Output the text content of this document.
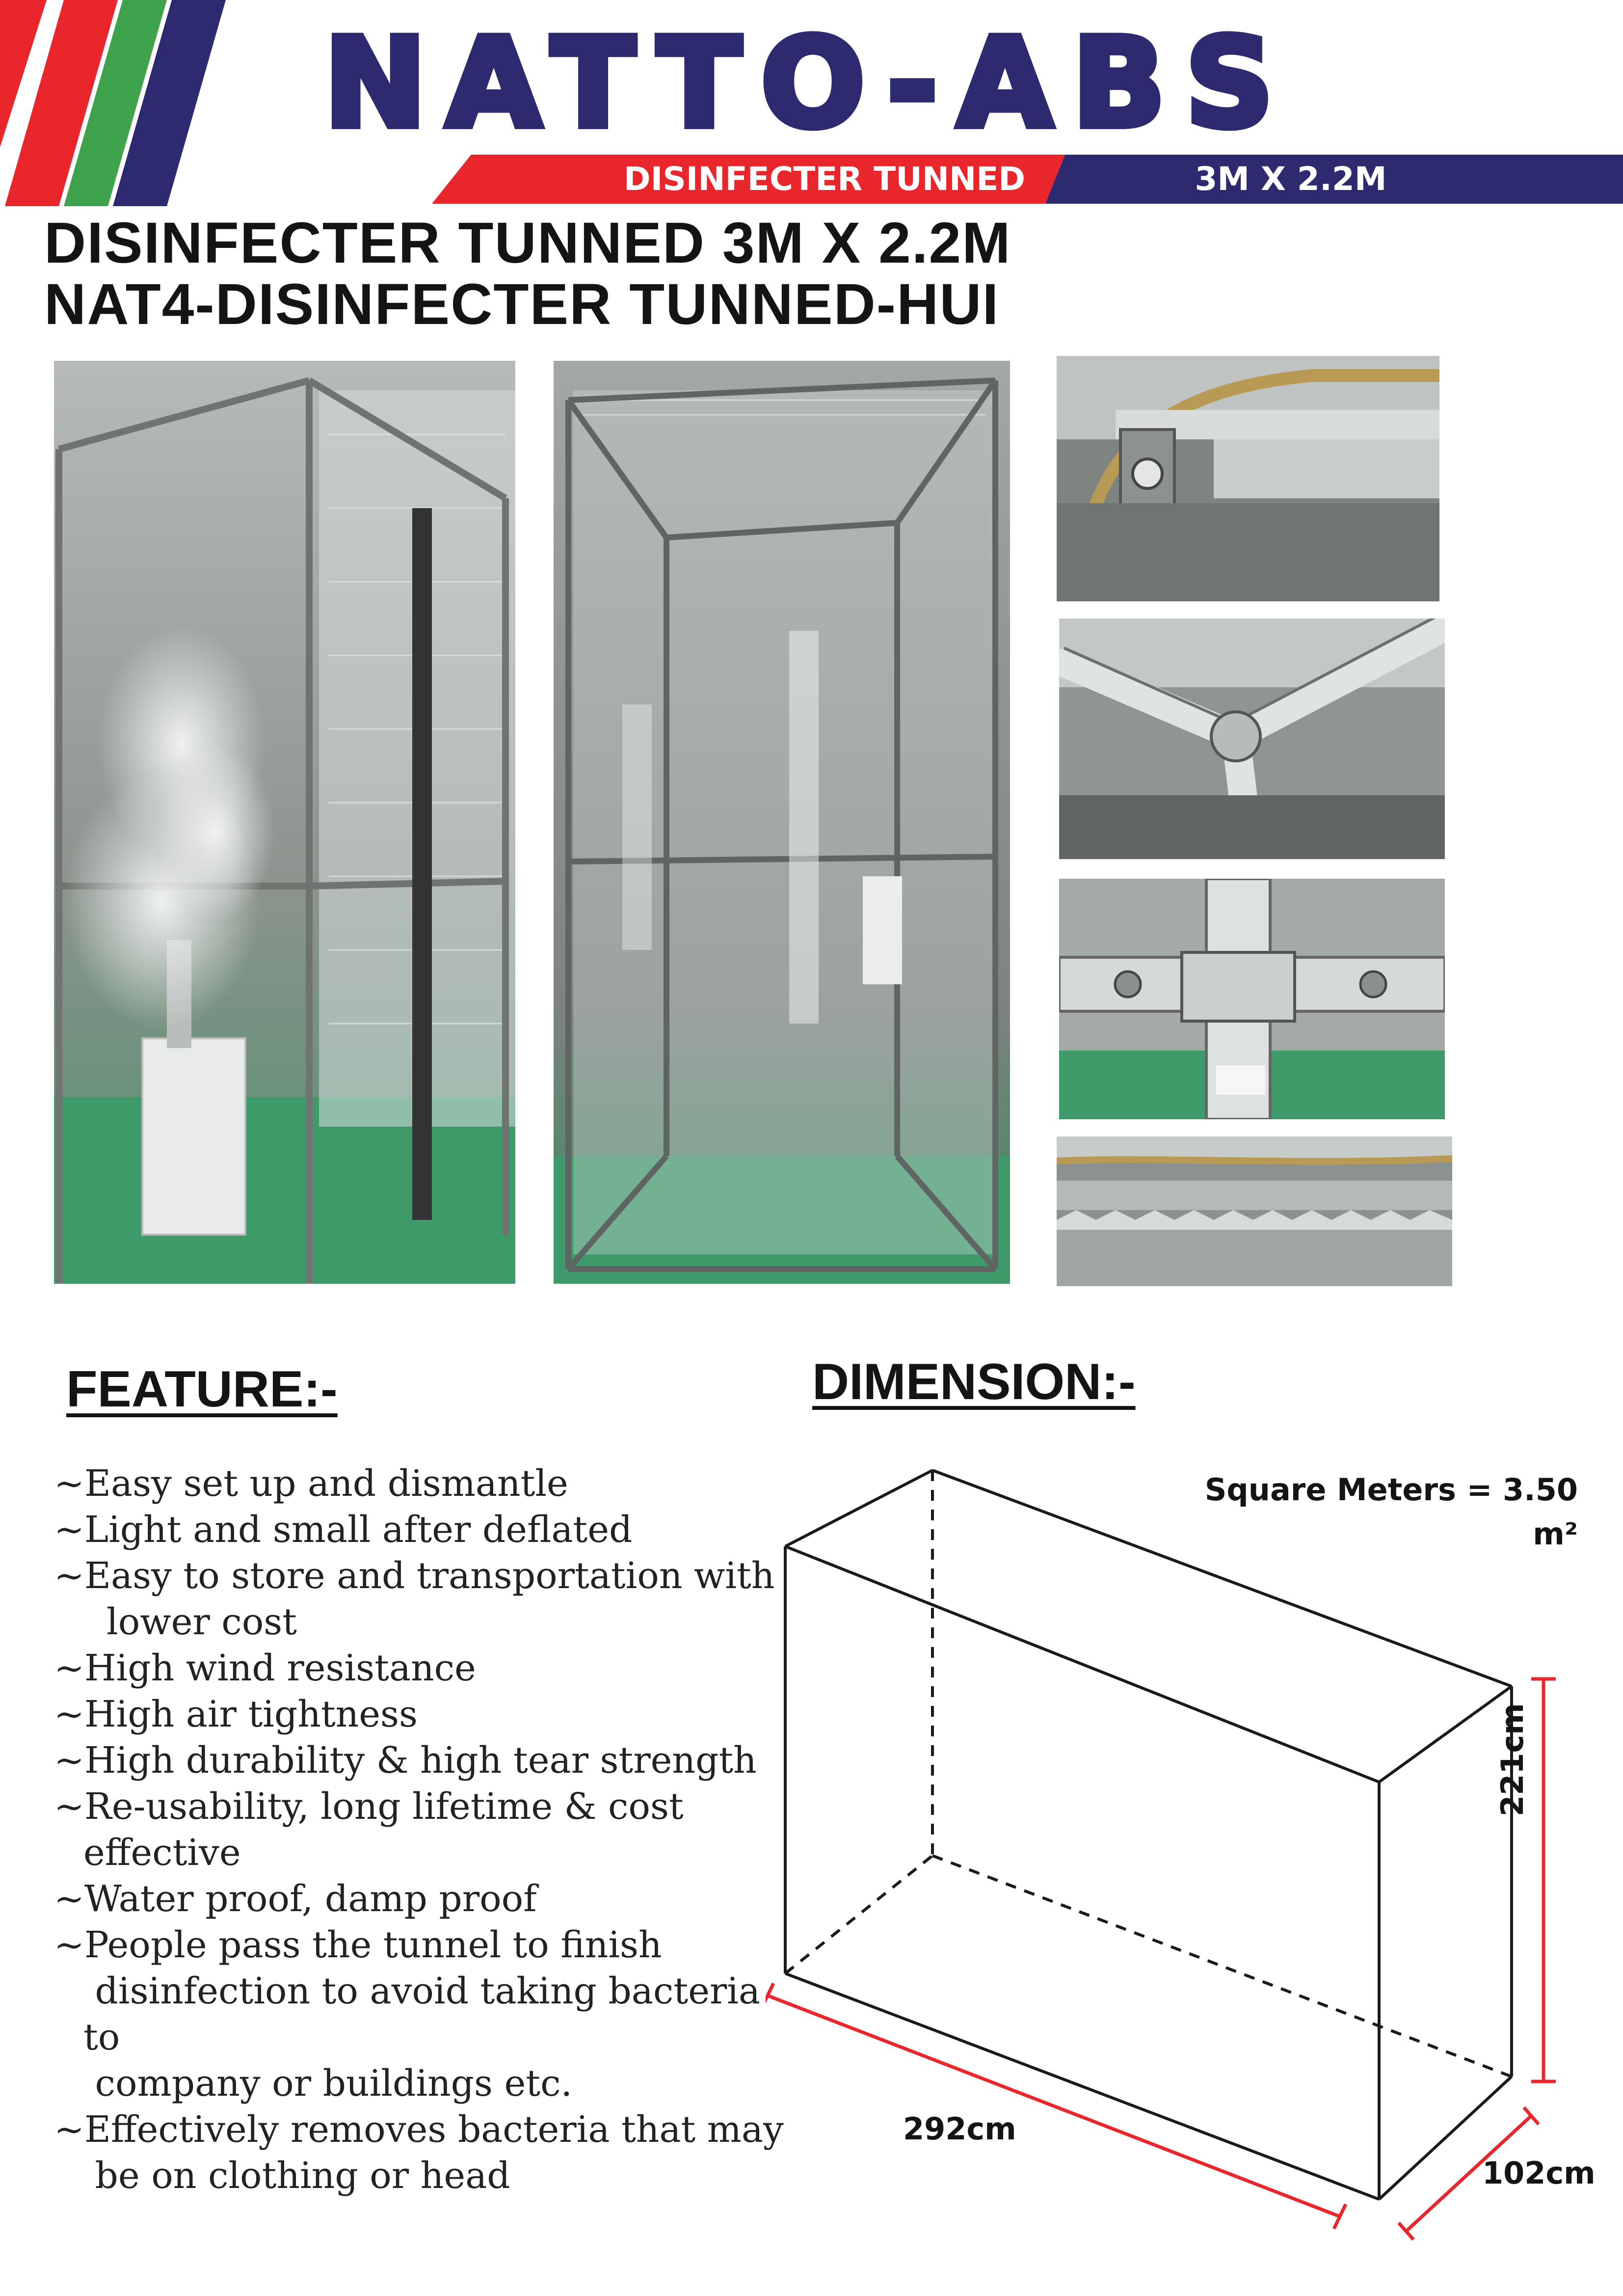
NATTO-ABS
DISINFECTER TUNNED	3M X 2.2M
DISINFECTER TUNNED 3M X 2.2M
NAT4-DISINFECTER TUNNED-HUI
FEATURE:-
~Easy set up and dismantle
~Light and small after deflated
~Easy to store and transportation with
lower cost
~High wind resistance
~High air tightness
~High durability & high tear strength
~Re-usability, long lifetime & cost effective
~Water proof, damp proof
~People pass the tunnel to finish
disinfection to avoid taking bacteria to
company or buildings etc.
~Effectively removes bacteria that may
be on clothing or head
DIMENSION:-
Square Meters = 3.50 m²
292cm
102cm
221cm
